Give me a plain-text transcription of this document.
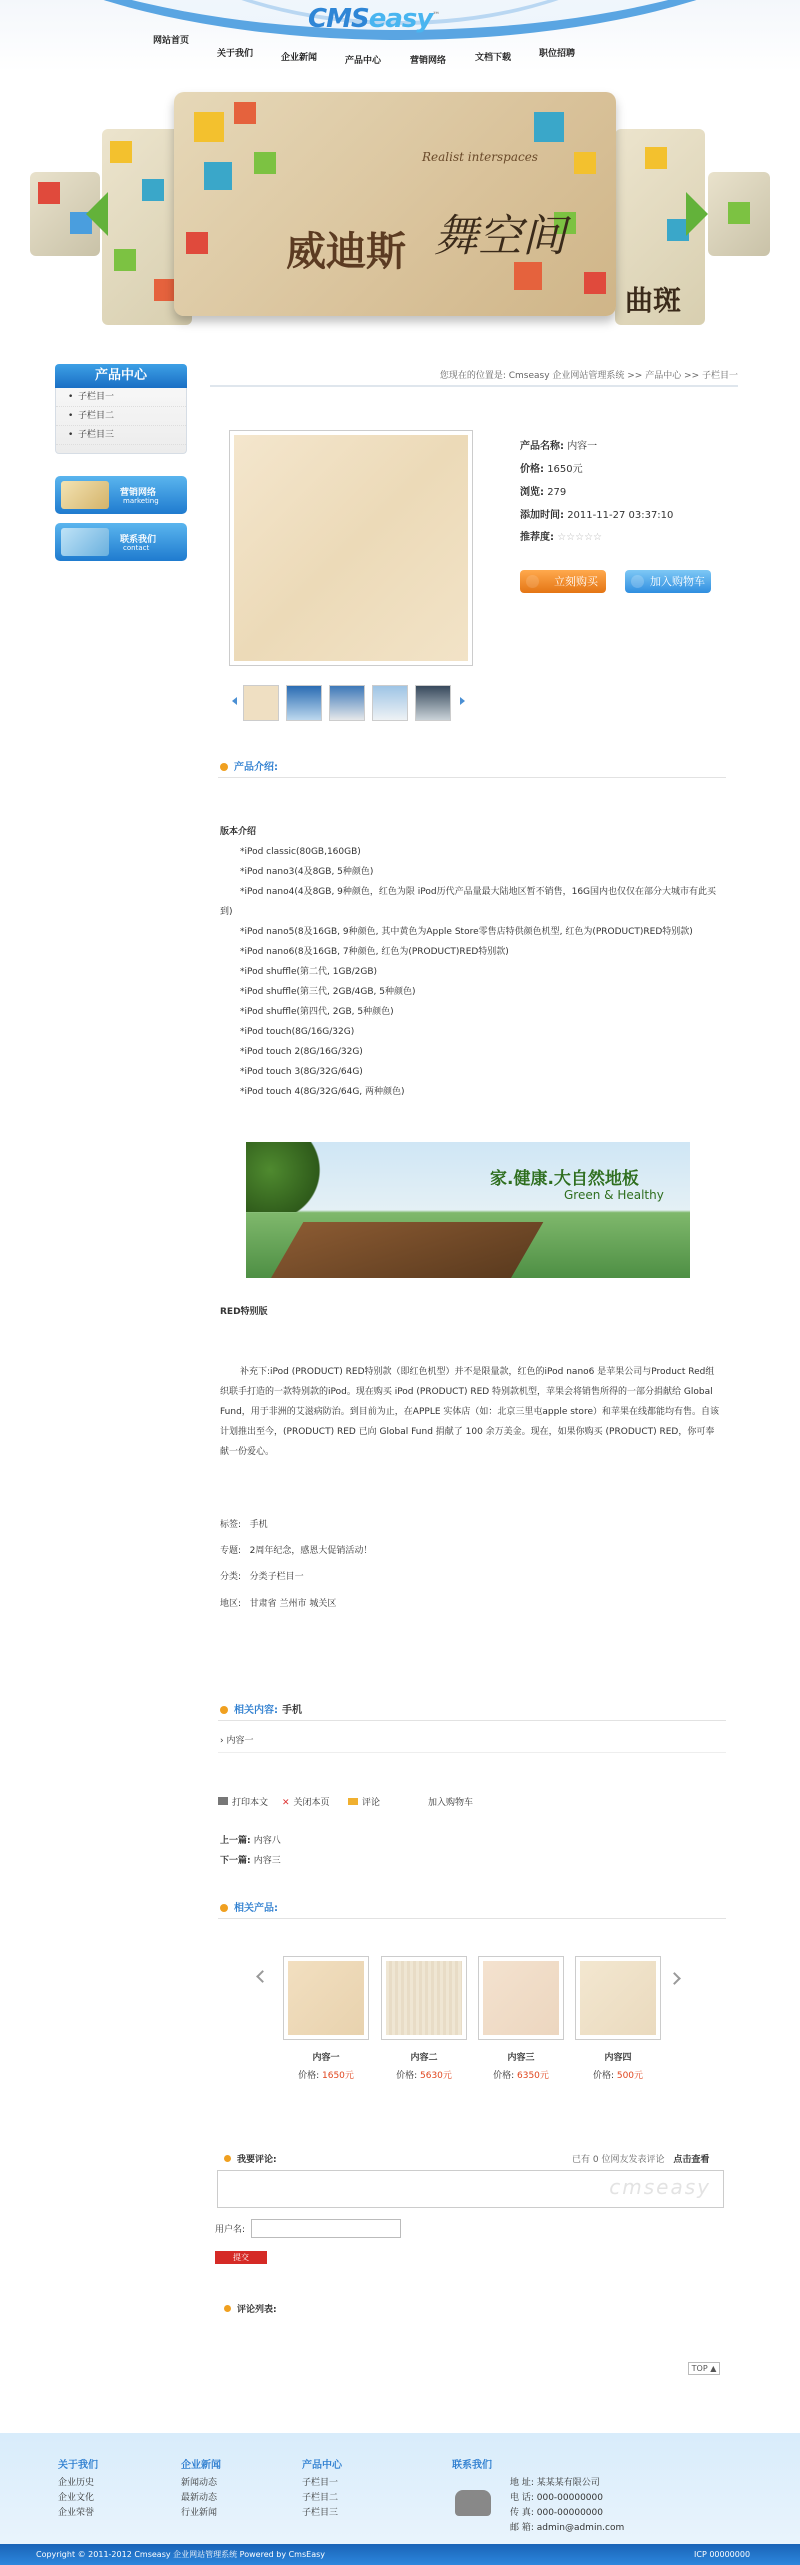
CMSeasy™
网站首页
关于我们	企业新闻	产品中心	营销网络	文档下载	职位招聘
曲斑
Realist interspaces
威迪斯 舞空间
产品中心
• 子栏目一
• 子栏目二
• 子栏目三
营销网络
marketing
联系我们
contact
您现在的位置是: Cmseasy 企业网站管理系统 >> 产品中心 >> 子栏目一
产品名称: 内容一
价格: 1650元
浏览: 279
添加时间: 2011-11-27 03:37:10
推荐度: ☆☆☆☆☆
立刻购买	加入购物车
产品介绍:
版本介绍
*iPod classic(80GB,160GB)
*iPod nano3(4及8GB, 5种颜色)
*iPod nano4(4及8GB, 9种颜色，红色为限 iPod历代产品量最大陆地区暂不销售，16G国内也仅仅在部分大城市有此买到)
*iPod nano5(8及16GB, 9种颜色, 其中黄色为Apple Store零售店特供颜色机型, 红色为(PRODUCT)RED特别款)
*iPod nano6(8及16GB, 7种颜色, 红色为(PRODUCT)RED特别款)
*iPod shuffle(第二代, 1GB/2GB)
*iPod shuffle(第三代, 2GB/4GB, 5种颜色)
*iPod shuffle(第四代, 2GB, 5种颜色)
*iPod touch(8G/16G/32G)
*iPod touch 2(8G/16G/32G)
*iPod touch 3(8G/32G/64G)
*iPod touch 4(8G/32G/64G, 两种颜色)
家.健康.大自然地板
Green & Healthy
RED特别版
补充下:iPod (PRODUCT) RED特别款（即红色机型）并不是限量款，红色的iPod nano6 是苹果公司与Product Red组织联手打造的一款特别款的iPod。现在购买 iPod (PRODUCT) RED 特别款机型，苹果会将销售所得的一部分捐献给 Global Fund，用于非洲的艾滋病防治。到目前为止，在APPLE 实体店（如：北京三里屯apple store）和苹果在线都能均有售。自该计划推出至今，(PRODUCT) RED 已向 Global Fund 捐献了 100 余万美金。现在，如果你购买 (PRODUCT) RED，你可奉献一份爱心。
标签: 手机
专题: 2周年纪念，感恩大促销活动！
分类: 分类子栏目一
地区: 甘肃省 兰州市 城关区
相关内容: 手机
› 内容一
打印本文 ✕ 关闭本页	评论	加入购物车
上一篇: 内容八
下一篇: 内容三
相关产品:
内容一	内容二	内容三	内容四
价格: 1650元	价格: 5630元	价格: 6350元	价格: 500元
我要评论:	已有 0 位网友发表评论 点击查看
cmseasy
用户名:
提交
评论列表:
TOP ▲
关于我们
企业历史
企业文化
企业荣誉
企业新闻
新闻动态
最新动态
行业新闻
产品中心
子栏目一
子栏目二
子栏目三
联系我们
地 址: 某某某有限公司
电 话: 000-00000000
传 真: 000-00000000
邮 箱: admin@admin.com
Copyright © 2011-2012 Cmseasy 企业网站管理系统 Powered by CmsEasy	ICP 00000000
